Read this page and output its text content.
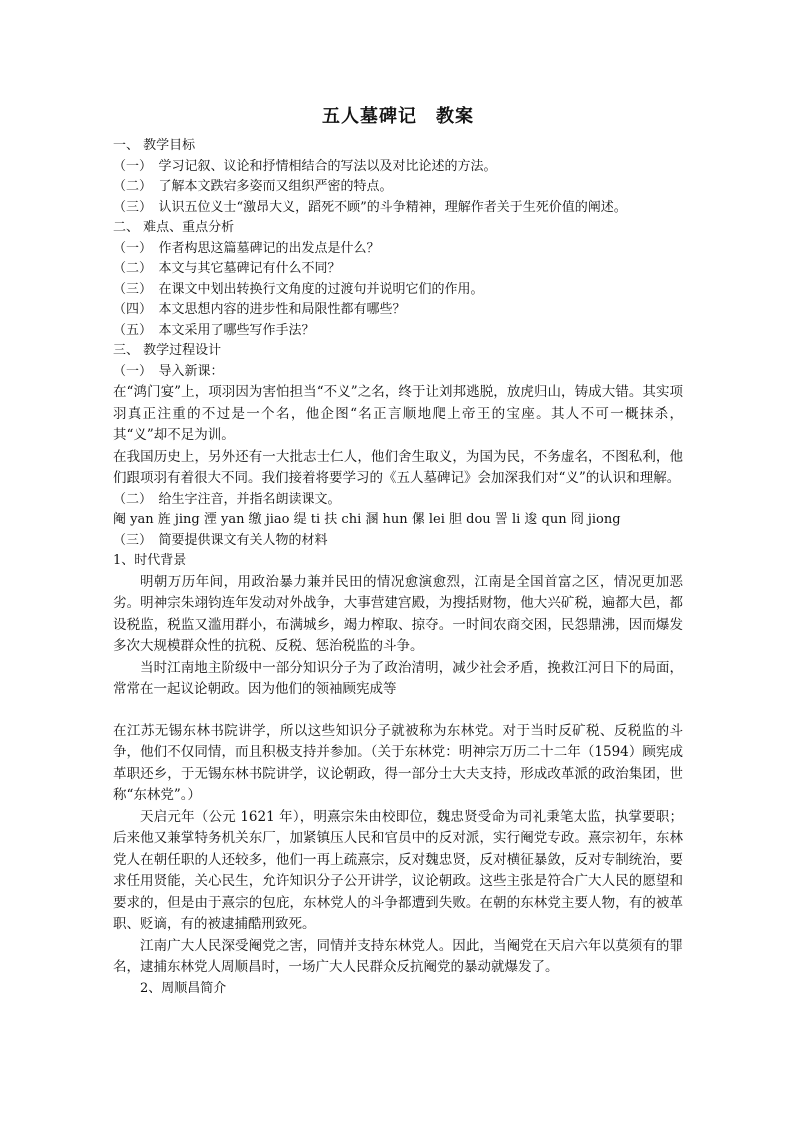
五人墓碑记　教案

一、 教学目标

（一）　学习记叙、议论和抒情相结合的写法以及对比论述的方法。

（二）　了解本文跌宕多姿而又组织严密的特点。

（三）　认识五位义士“激昂大义，蹈死不顾”的斗争精神，理解作者关于生死价值的阐述。

二、 难点、重点分析

（一）　作者构思这篇墓碑记的出发点是什么？

（二）　本文与其它墓碑记有什么不同？

（三）　在课文中划出转换行文角度的过渡句并说明它们的作用。

（四）　本文思想内容的进步性和局限性都有哪些？

（五）　本文采用了哪些写作手法？

三、 教学过程设计

（一）　导入新课：

在“鸿门宴”上，项羽因为害怕担当“不义”之名，终于让刘邦逃脱，放虎归山，铸成大错。其实项羽真正注重的不过是一个名，他企图“名正言顺地爬上帝王的宝座。其人不可一概抹杀，其“义”却不足为训。

在我国历史上，另外还有一大批志士仁人，他们舍生取义，为国为民，不务虚名，不图私利，他们跟项羽有着很大不同。我们接着将要学习的《五人墓碑记》会加深我们对“义”的认识和理解。

（二）　给生字注音，并指名朗读课文。

阉 yan 旌 jing 湮 yan 缴 jiao 缇 ti 扶 chi 溷 hun 傫 lei 胆 dou 詈 li 逡 qun 冏 jiong

（三）　简要提供课文有关人物的材料

1、时代背景

明朝万历年间，用政治暴力兼并民田的情况愈演愈烈，江南是全国首富之区，情况更加恶劣。明神宗朱翊钧连年发动对外战争，大事营建宫殿，为搜括财物，他大兴矿税，遍都大邑，都设税监，税监又滥用群小，布满城乡，竭力榨取、掠夺。一时间农商交困，民怨鼎沸，因而爆发多次大规模群众性的抗税、反税、惩治税监的斗争。

当时江南地主阶级中一部分知识分子为了政治清明，减少社会矛盾，挽救江河日下的局面，常常在一起议论朝政。因为他们的领袖顾宪成等

在江苏无锡东林书院讲学，所以这些知识分子就被称为东林党。对于当时反矿税、反税监的斗争，他们不仅同情，而且积极支持并参加。（关于东林党：明神宗万历二十二年（1594）顾宪成革职还乡，于无锡东林书院讲学，议论朝政，得一部分士大夫支持，形成改革派的政治集团，世称“东林党”。）

天启元年（公元 1621 年），明熹宗朱由校即位，魏忠贤受命为司礼秉笔太监，执掌要职；后来他又兼掌特务机关东厂，加紧镇压人民和官员中的反对派，实行阉党专政。熹宗初年，东林党人在朝任职的人还较多，他们一再上疏熹宗，反对魏忠贤，反对横征暴敛，反对专制统治，要求任用贤能，关心民生，允许知识分子公开讲学，议论朝政。这些主张是符合广大人民的愿望和要求的，但是由于熹宗的包庇，东林党人的斗争都遭到失败。在朝的东林党主要人物，有的被革职、贬谪，有的被逮捕酷刑致死。

江南广大人民深受阉党之害，同情并支持东林党人。因此，当阉党在天启六年以莫须有的罪名，逮捕东林党人周顺昌时，一场广大人民群众反抗阉党的暴动就爆发了。

2、周顺昌简介
